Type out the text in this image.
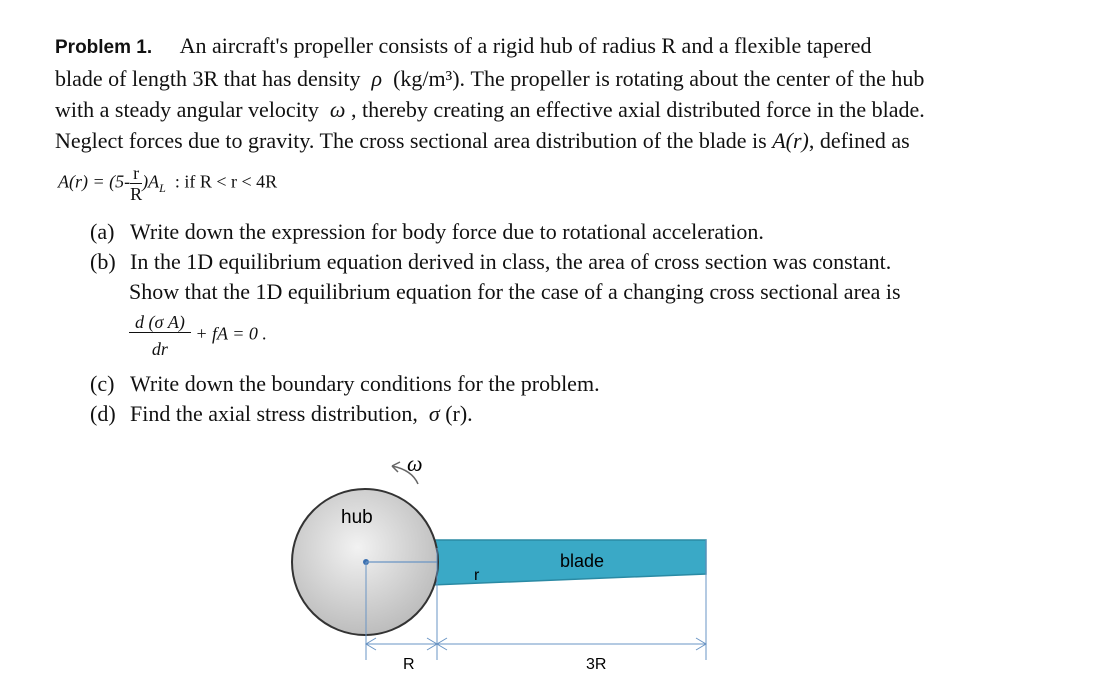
Problem 1. An aircraft's propeller consists of a rigid hub of radius R and a flexible tapered
blade of length 3R that has density ρ (kg/m³). The propeller is rotating about the center of the hub
with a steady angular velocity ω , thereby creating an effective axial distributed force in the blade.
Neglect forces due to gravity. The cross sectional area distribution of the blade is A(r), defined as
$A(r) = (5- \frac{r}{R} )A_L$ : if R < r < 4R
(a) Write down the expression for body force due to rotational acceleration.
(b) In the 1D equilibrium equation derived in class, the area of cross section was constant.
Show that the 1D equilibrium equation for the case of a changing cross sectional area is
$\frac{\text{d (σ A)}}{dr}$ + fA = 0 .
(c) Write down the boundary conditions for the problem.
(d) Find the axial stress distribution, σ (r).
ω
hub
blade
r
R	3R
